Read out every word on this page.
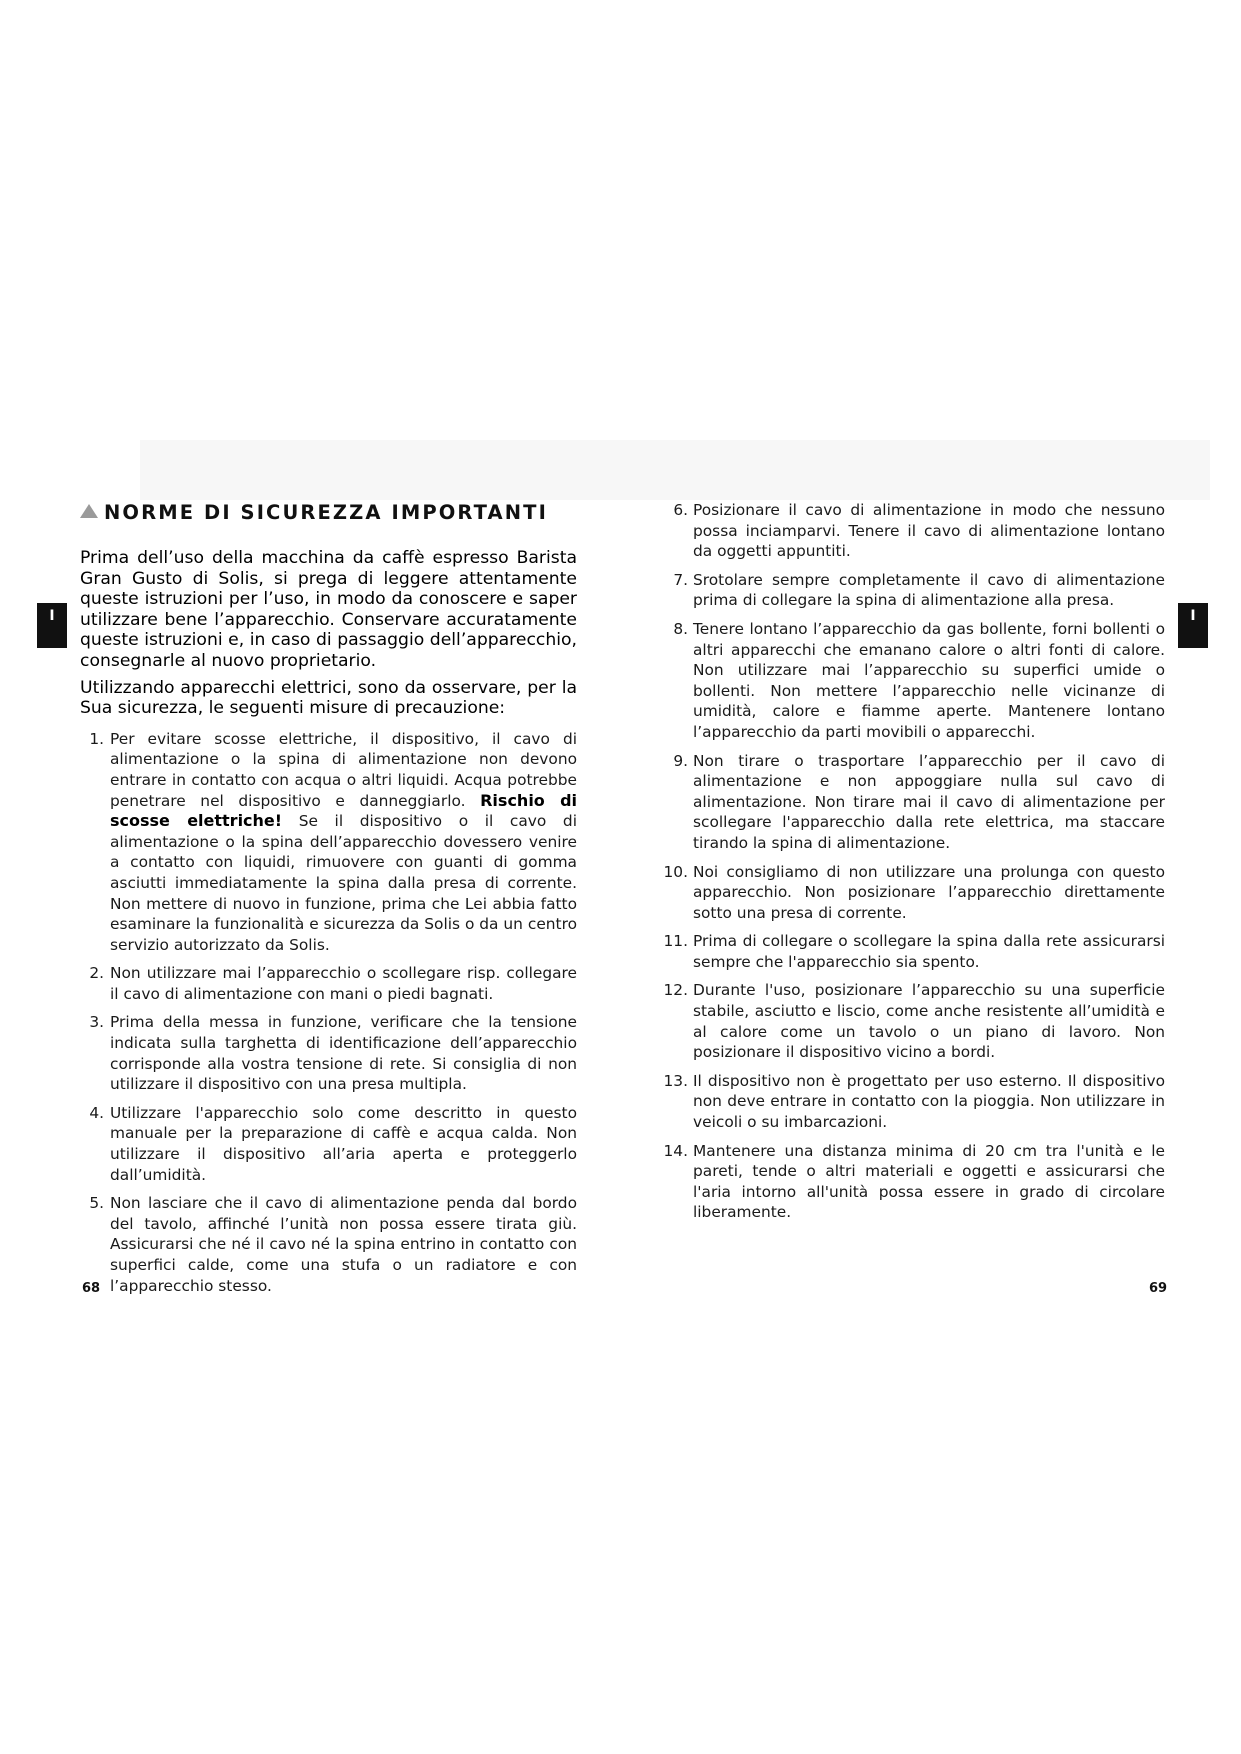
I	I
NORME DI SICUREZZA IMPORTANTI

Prima dell’uso della macchina da caffè espresso Barista Gran Gusto di Solis, si prega di leggere attentamente queste istruzioni per l’uso, in modo da conoscere e saper utilizzare bene l’apparecchio. Conservare accuratamente queste istruzioni e, in caso di passaggio dell’apparecchio, consegnarle al nuovo proprietario.

Utilizzando apparecchi elettrici, sono da osservare, per la Sua sicurezza, le seguenti misure di precauzione:

1. Per evitare scosse elettriche, il dispositivo, il cavo di alimentazione o la spina di alimentazione non devono entrare in contatto con acqua o altri liquidi. Acqua potrebbe penetrare nel dispositivo e danneggiarlo. Rischio di scosse elettriche! Se il dispositivo o il cavo di alimentazione o la spina dell’apparecchio dovessero venire a contatto con liquidi, rimuovere con guanti di gomma asciutti immediatamente la spina dalla presa di corrente. Non mettere di nuovo in funzione, prima che Lei abbia fatto esaminare la funzionalità e sicurezza da Solis o da un centro servizio autorizzato da Solis.
2. Non utilizzare mai l’apparecchio o scollegare risp. collegare il cavo di alimentazione con mani o piedi bagnati.
3. Prima della messa in funzione, verificare che la tensione indicata sulla targhetta di identificazione dell’apparecchio corrisponde alla vostra tensione di rete. Si consiglia di non utilizzare il dispositivo con una presa multipla.
4. Utilizzare l'apparecchio solo come descritto in questo manuale per la preparazione di caffè e acqua calda. Non utilizzare il dispositivo all’aria aperta e proteggerlo dall’umidità.
5. Non lasciare che il cavo di alimentazione penda dal bordo del tavolo, affinché l’unità non possa essere tirata giù. Assicurarsi che né il cavo né la spina entrino in contatto con superfici calde, come una stufa o un radiatore e con l’apparecchio stesso.
6. Posizionare il cavo di alimentazione in modo che nessuno possa inciamparvi. Tenere il cavo di alimentazione lontano da oggetti appuntiti.
7. Srotolare sempre completamente il cavo di alimentazione prima di collegare la spina di alimentazione alla presa.
8. Tenere lontano l’apparecchio da gas bollente, forni bollenti o altri apparecchi che emanano calore o altri fonti di calore. Non utilizzare mai l’apparecchio su superfici umide o bollenti. Non mettere l’apparecchio nelle vicinanze di umidità, calore e fiamme aperte. Mantenere lontano l’apparecchio da parti movibili o apparecchi.
9. Non tirare o trasportare l’apparecchio per il cavo di alimentazione e non appoggiare nulla sul cavo di alimentazione. Non tirare mai il cavo di alimentazione per scollegare l'apparecchio dalla rete elettrica, ma staccare tirando la spina di alimentazione.
10. Noi consigliamo di non utilizzare una prolunga con questo apparecchio. Non posizionare l’apparecchio direttamente sotto una presa di corrente.
11. Prima di collegare o scollegare la spina dalla rete assicurarsi sempre che l'apparecchio sia spento.
12. Durante l'uso, posizionare l’apparecchio su una superficie stabile, asciutto e liscio, come anche resistente all’umidità e al calore come un tavolo o un piano di lavoro. Non posizionare il dispositivo vicino a bordi.
13. Il dispositivo non è progettato per uso esterno. Il dispositivo non deve entrare in contatto con la pioggia. Non utilizzare in veicoli o su imbarcazioni.
14. Mantenere una distanza minima di 20 cm tra l'unità e le pareti, tende o altri materiali e oggetti e assicurarsi che l'aria intorno all'unità possa essere in grado di circolare liberamente.
68	69
